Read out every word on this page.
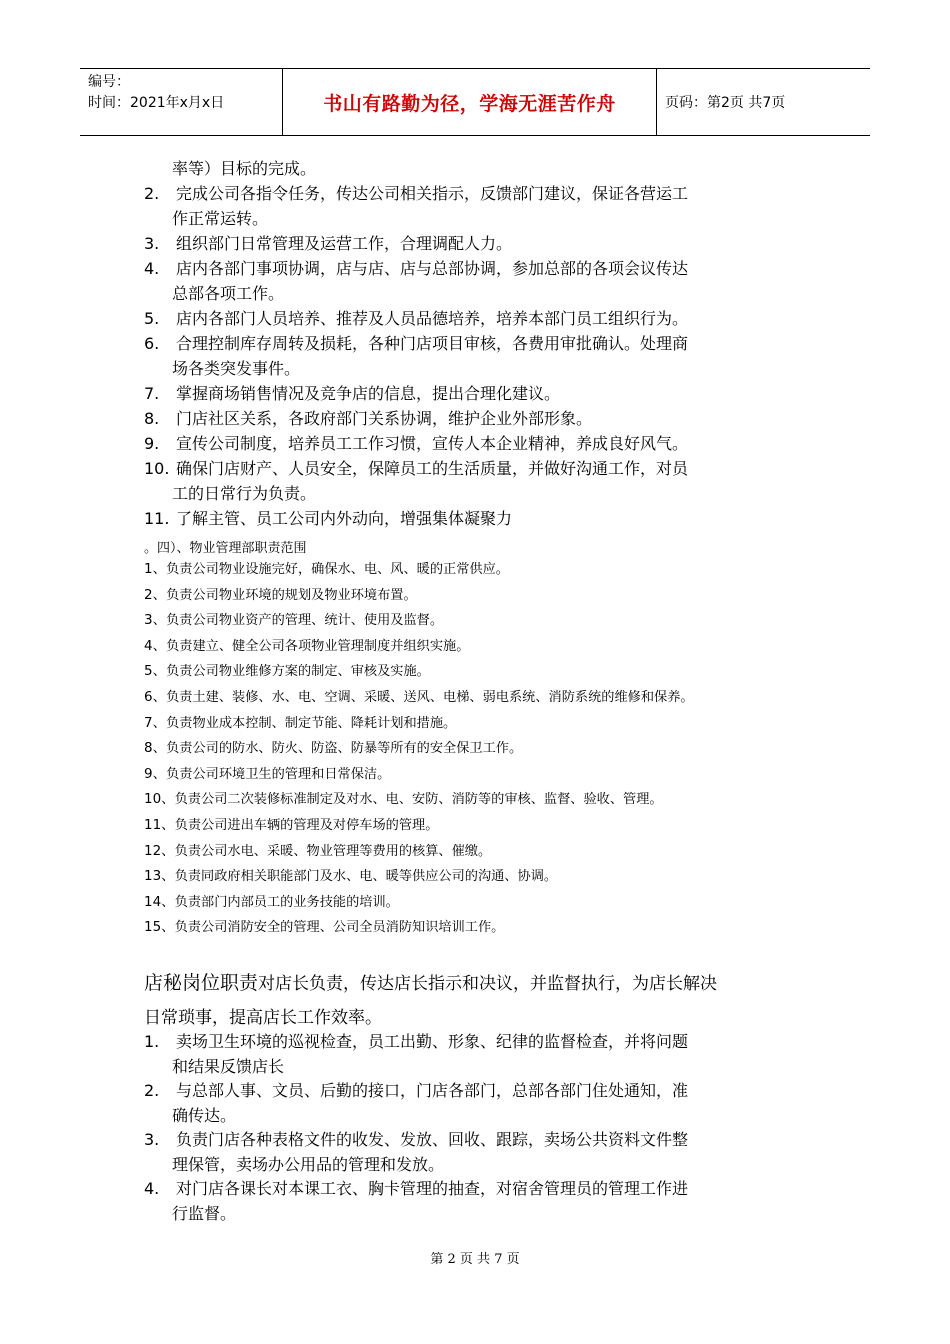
编号：
时间：2021年x月x日	书山有路勤为径，学海无涯苦作舟	页码：第2页 共7页
率等）目标的完成。
2. 完成公司各指令任务，传达公司相关指示，反馈部门建议，保证各营运工
作正常运转。
3. 组织部门日常管理及运营工作，合理调配人力。
4. 店内各部门事项协调，店与店、店与总部协调，参加总部的各项会议传达
总部各项工作。
5. 店内各部门人员培养、推荐及人员品德培养，培养本部门员工组织行为。
6. 合理控制库存周转及损耗，各种门店项目审核，各费用审批确认。处理商
场各类突发事件。
7. 掌握商场销售情况及竞争店的信息，提出合理化建议。
8. 门店社区关系，各政府部门关系协调，维护企业外部形象。
9. 宣传公司制度，培养员工工作习惯，宣传人本企业精神，养成良好风气。
10. 确保门店财产、人员安全，保障员工的生活质量，并做好沟通工作，对员
工的日常行为负责。
11. 了解主管、员工公司内外动向，增强集体凝聚力
。四）、物业管理部职责范围
1、负责公司物业设施完好，确保水、电、风、暖的正常供应。
2、负责公司物业环境的规划及物业环境布置。
3、负责公司物业资产的管理、统计、使用及监督。
4、负责建立、健全公司各项物业管理制度并组织实施。
5、负责公司物业维修方案的制定、审核及实施。
6、负责土建、装修、水、电、空调、采暖、送风、电梯、弱电系统、消防系统的维修和保养。
7、负责物业成本控制、制定节能、降耗计划和措施。
8、负责公司的防水、防火、防盗、防暴等所有的安全保卫工作。
9、负责公司环境卫生的管理和日常保洁。
10、负责公司二次装修标准制定及对水、电、安防、消防等的审核、监督、验收、管理。
11、负责公司进出车辆的管理及对停车场的管理。
12、负责公司水电、采暖、物业管理等费用的核算、催缴。
13、负责同政府相关职能部门及水、电、暖等供应公司的沟通、协调。
14、负责部门内部员工的业务技能的培训。
15、负责公司消防安全的管理、公司全员消防知识培训工作。
店秘岗位职责对店长负责，传达店长指示和决议，并监督执行，为店长解决
日常琐事，提高店长工作效率。
1. 卖场卫生环境的巡视检查，员工出勤、形象、纪律的监督检查，并将问题
和结果反馈店长
2. 与总部人事、文员、后勤的接口，门店各部门，总部各部门住处通知，准
确传达。
3. 负责门店各种表格文件的收发、发放、回收、跟踪，卖场公共资料文件整
理保管，卖场办公用品的管理和发放。
4. 对门店各课长对本课工衣、胸卡管理的抽查，对宿舍管理员的管理工作进
行监督。
第 2 页 共 7 页
